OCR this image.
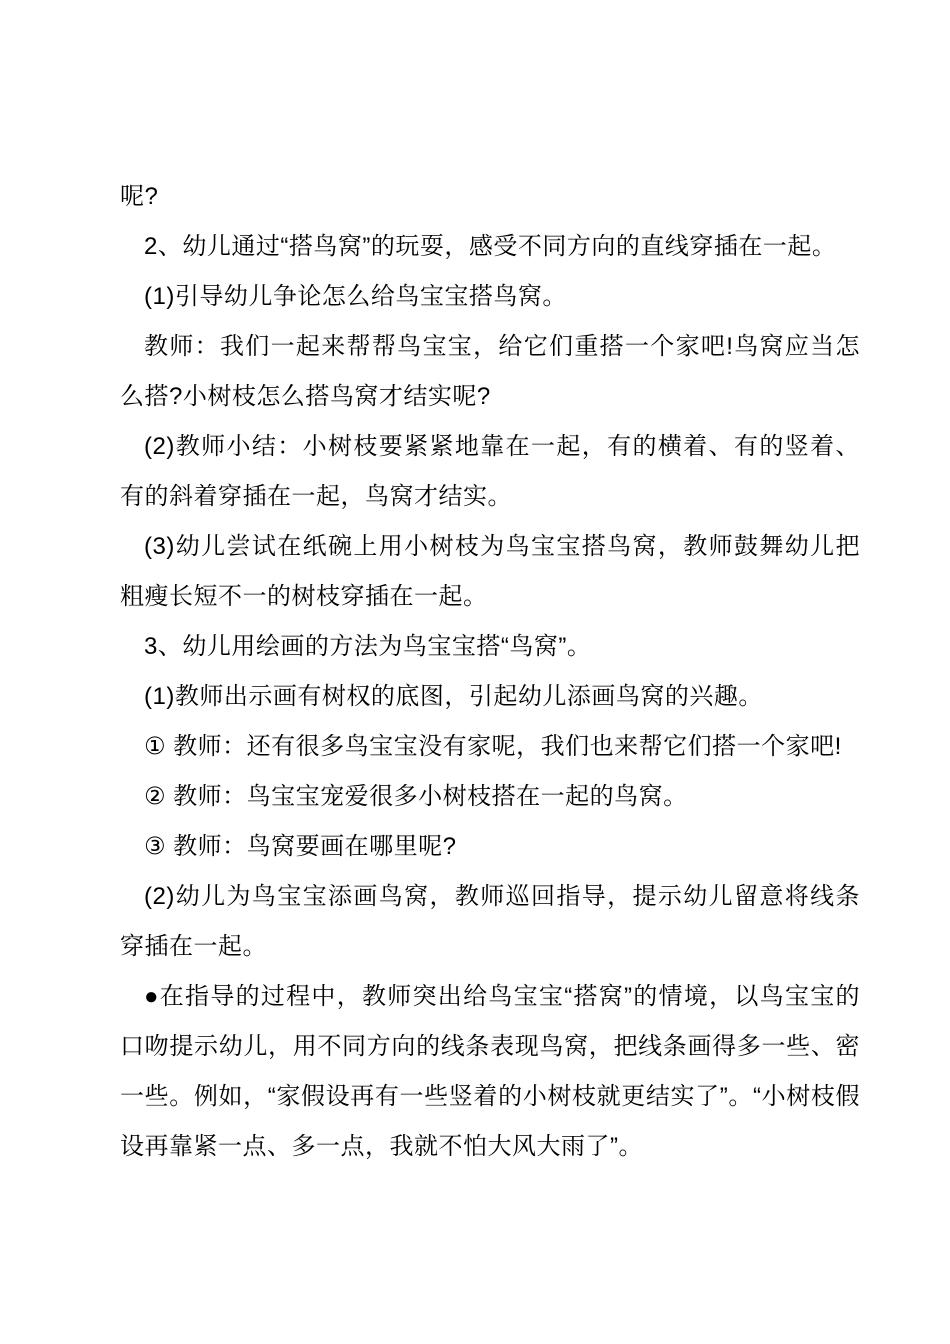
呢?

2、幼儿通过“搭鸟窝”的玩耍，感受不同方向的直线穿插在一起。

(1)引导幼儿争论怎么给鸟宝宝搭鸟窝。

教师：我们一起来帮帮鸟宝宝，给它们重搭一个家吧!鸟窝应当怎么搭?小树枝怎么搭鸟窝才结实呢?

(2)教师小结：小树枝要紧紧地靠在一起，有的横着、有的竖着、有的斜着穿插在一起，鸟窝才结实。

(3)幼儿尝试在纸碗上用小树枝为鸟宝宝搭鸟窝，教师鼓舞幼儿把粗瘦长短不一的树枝穿插在一起。

3、幼儿用绘画的方法为鸟宝宝搭“鸟窝”。

(1)教师出示画有树权的底图，引起幼儿添画鸟窝的兴趣。

① 教师：还有很多鸟宝宝没有家呢，我们也来帮它们搭一个家吧!

② 教师：鸟宝宝宠爱很多小树枝搭在一起的鸟窝。

③ 教师：鸟窝要画在哪里呢?

(2)幼儿为鸟宝宝添画鸟窝，教师巡回指导，提示幼儿留意将线条穿插在一起。

●在指导的过程中，教师突出给鸟宝宝“搭窝”的情境，以鸟宝宝的口吻提示幼儿，用不同方向的线条表现鸟窝，把线条画得多一些、密一些。例如，“家假设再有一些竖着的小树枝就更结实了”。“小树枝假设再靠紧一点、多一点，我就不怕大风大雨了”。
